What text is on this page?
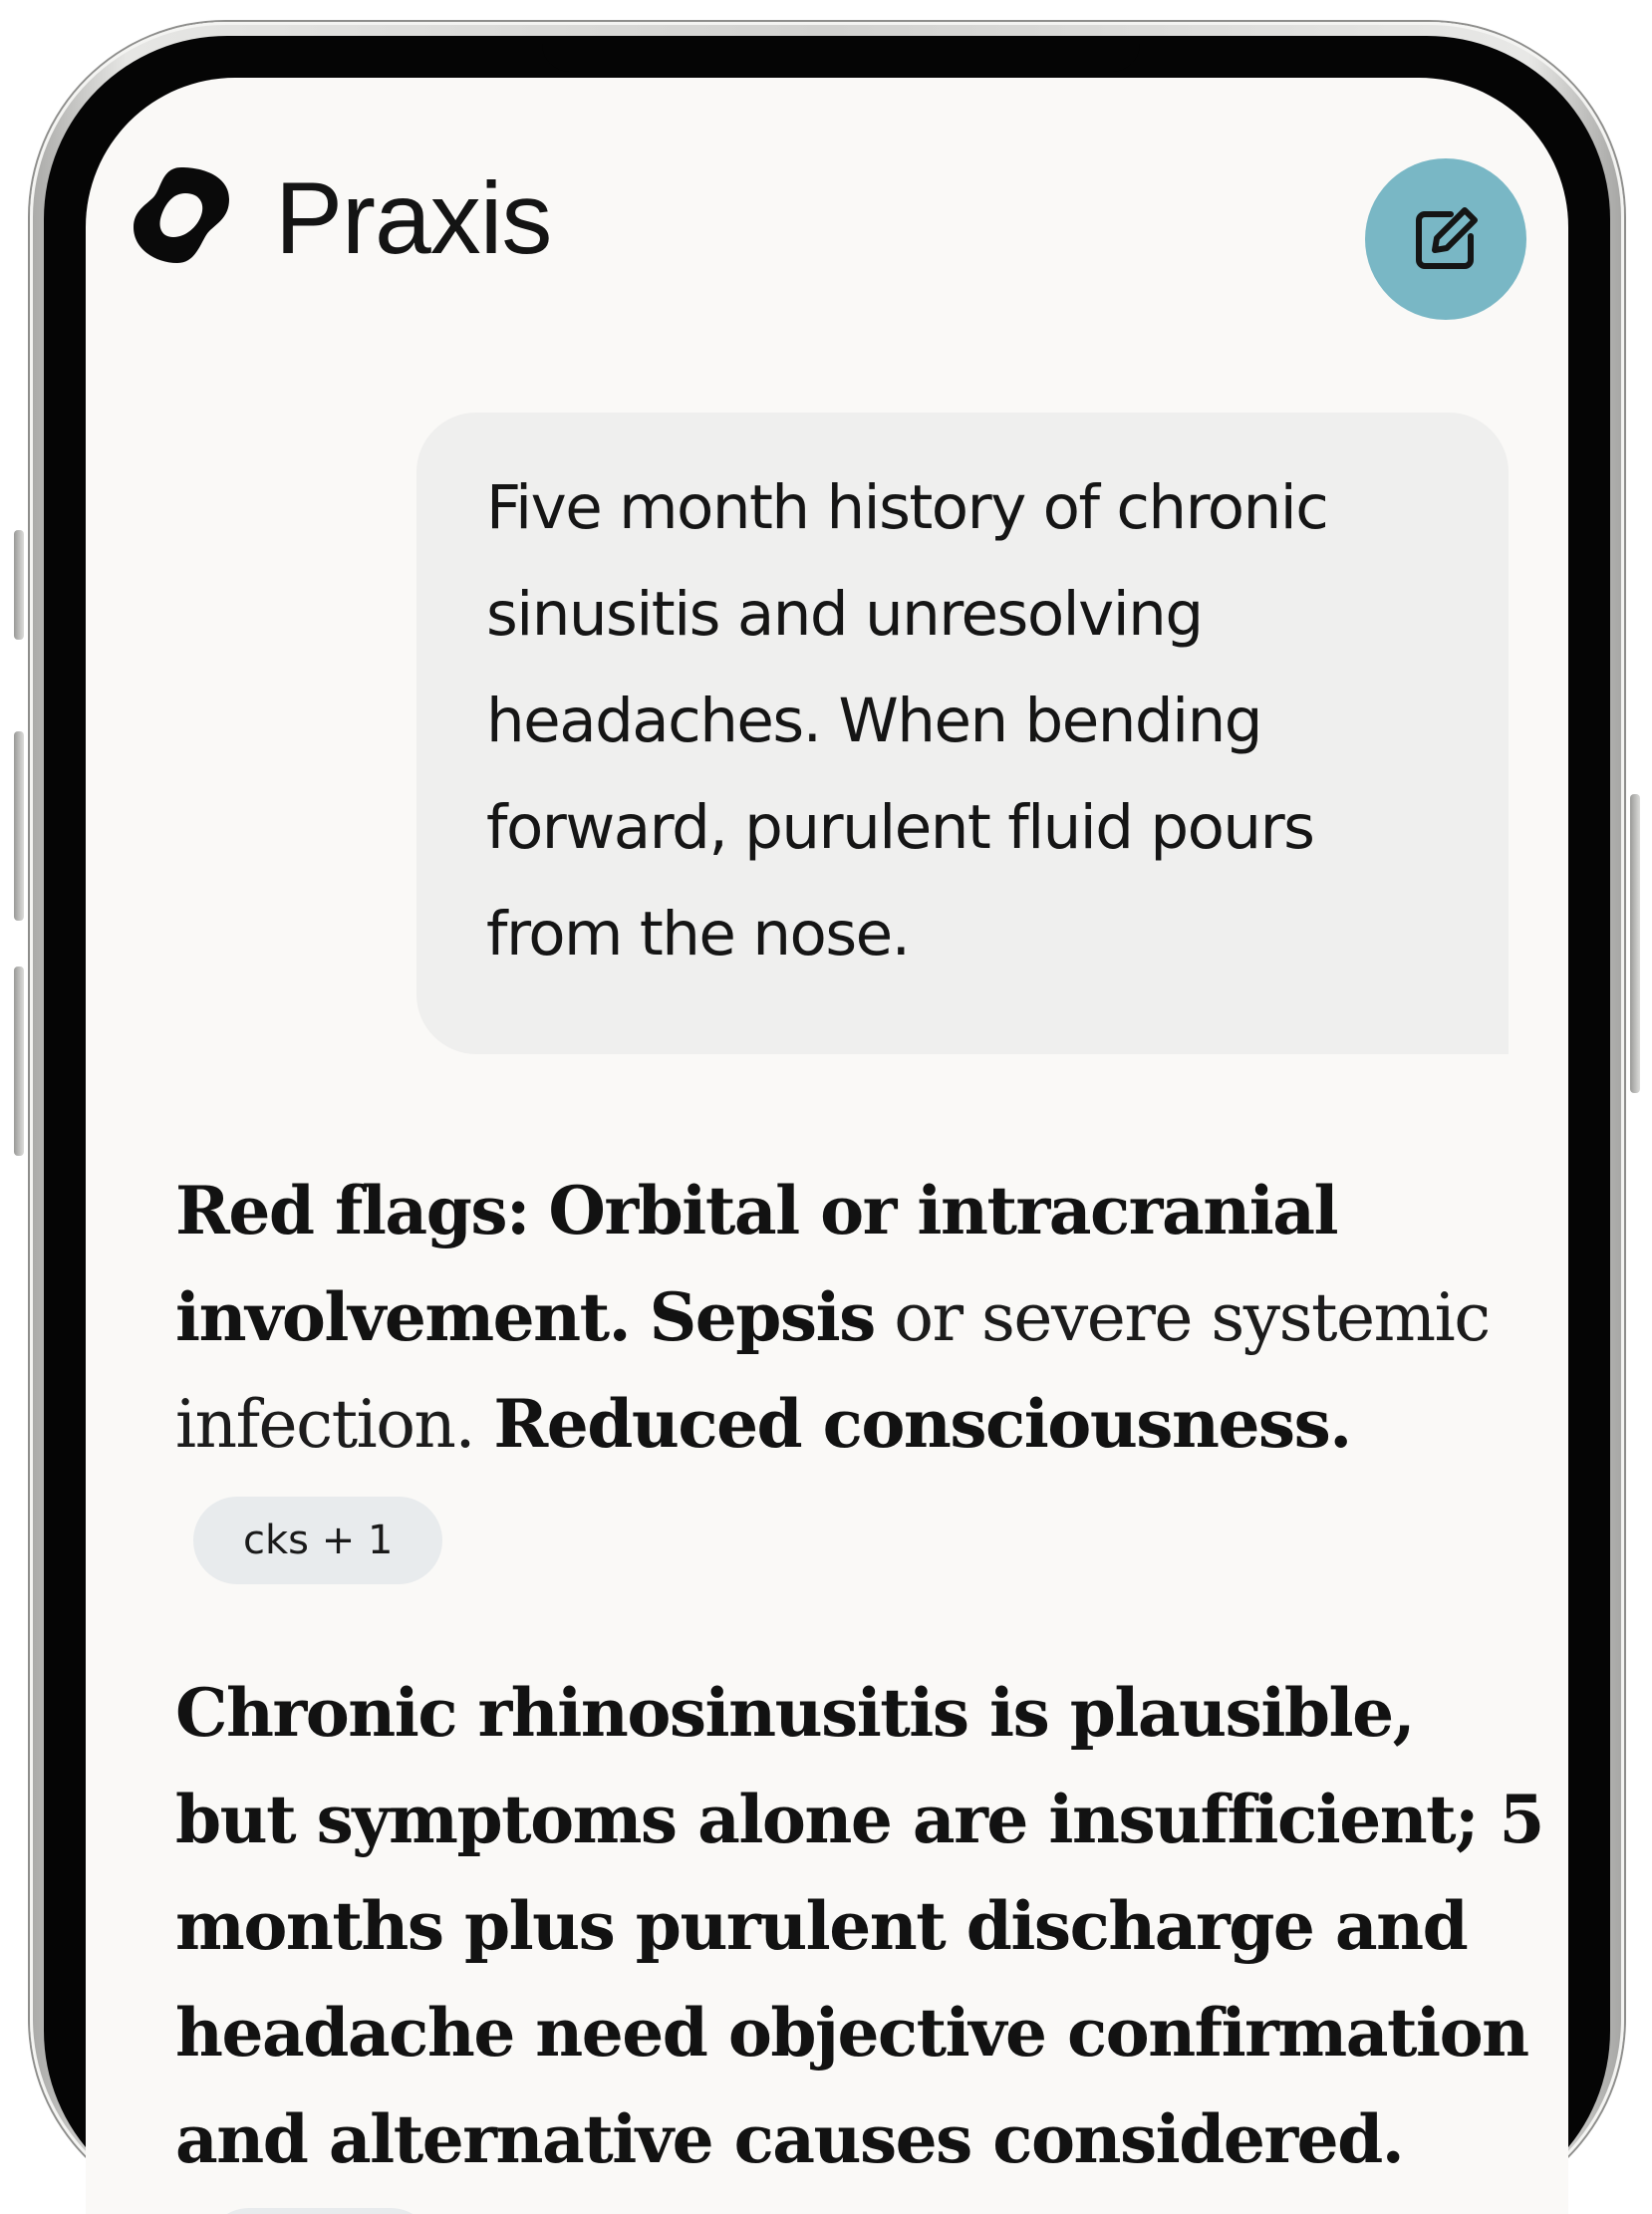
Praxis

Five month history of chronic sinusitis and unresolving headaches. When bending forward, purulent fluid pours from the nose.

Red flags: Orbital or intracranial involvement. Sepsis or severe systemic infection. Reduced consciousness.
cks + 1

Chronic rhinosinusitis is plausible, but symptoms alone are insufficient; 5 months plus purulent discharge and headache need objective confirmation and alternative causes considered.
